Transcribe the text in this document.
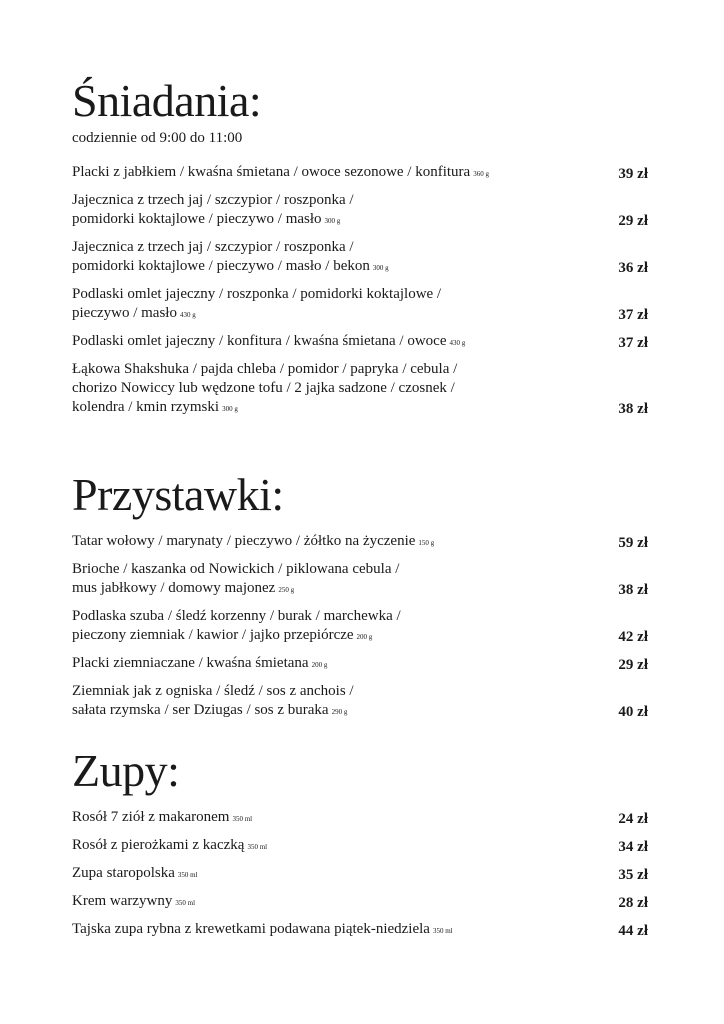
Śniadania:
codziennie od 9:00 do 11:00
Placki z jabłkiem / kwaśna śmietana / owoce sezonowe / konfitura 360 g	39 zł
Jajecznica z trzech jaj / szczypior / roszponka /
pomidorki koktajlowe / pieczywo / masło 300 g	29 zł
Jajecznica z trzech jaj / szczypior / roszponka /
pomidorki koktajlowe / pieczywo / masło / bekon 300 g	36 zł
Podlaski omlet jajeczny / roszponka / pomidorki koktajlowe /
pieczywo / masło 430 g	37 zł
Podlaski omlet jajeczny / konfitura / kwaśna śmietana / owoce 430 g	37 zł
Łąkowa Shakshuka / pajda chleba / pomidor / papryka / cebula /
chorizo Nowiccy lub wędzone tofu / 2 jajka sadzone / czosnek /
kolendra / kmin rzymski 300 g	38 zł
Przystawki:
Tatar wołowy / marynaty / pieczywo / żółtko na życzenie 150 g	59 zł
Brioche / kaszanka od Nowickich / piklowana cebula /
mus jabłkowy / domowy majonez 250 g	38 zł
Podlaska szuba / śledź korzenny / burak / marchewka /
pieczony ziemniak / kawior / jajko przepiórcze 200 g	42 zł
Placki ziemniaczane / kwaśna śmietana 200 g	29 zł
Ziemniak jak z ogniska / śledź / sos z anchois /
sałata rzymska / ser Dziugas / sos z buraka 290 g	40 zł
Zupy:
Rosół 7 ziół z makaronem 350 ml	24 zł
Rosół z pierożkami z kaczką 350 ml	34 zł
Zupa staropolska 350 ml	35 zł
Krem warzywny 350 ml	28 zł
Tajska zupa rybna z krewetkami podawana piątek-niedziela 350 ml	44 zł
